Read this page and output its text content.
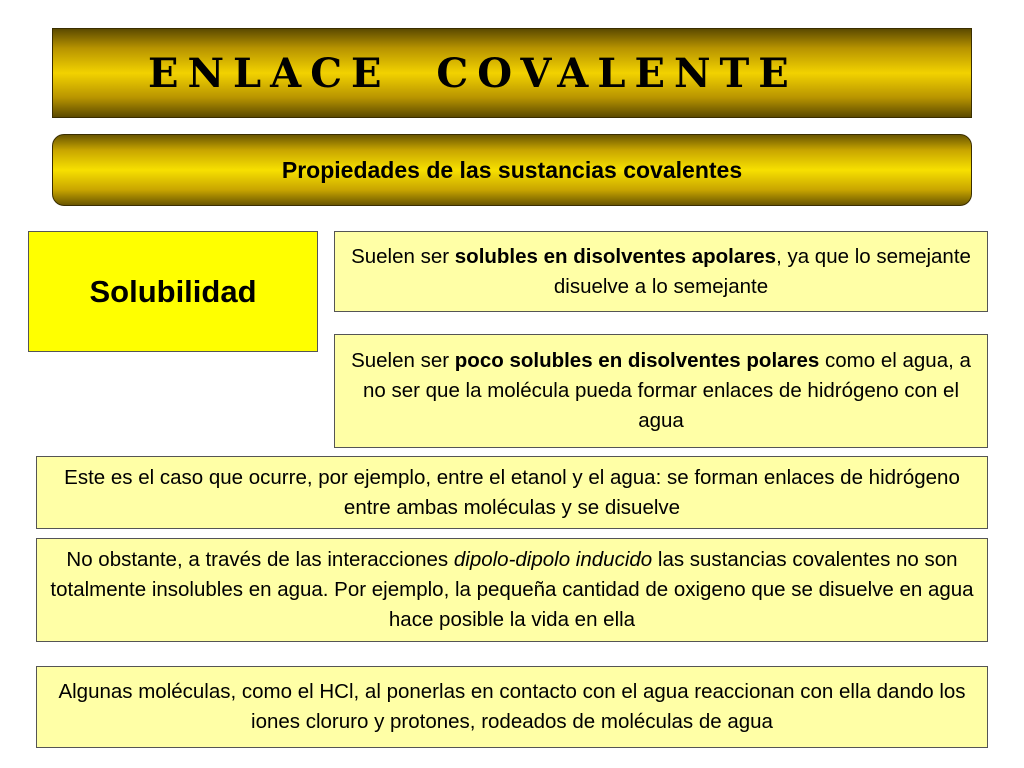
ENLACE  COVALENTE
Propiedades de las sustancias covalentes
Solubilidad

Suelen ser solubles en disolventes apolares, ya que lo semejante disuelve a lo semejante

Suelen ser poco solubles en disolventes polares como el agua, a no ser que la molécula pueda formar enlaces de hidrógeno con el agua

Este es el caso que ocurre, por ejemplo, entre el etanol y el agua: se forman enlaces de hidrógeno entre ambas moléculas y se disuelve

No obstante, a través de las interacciones dipolo-dipolo inducido las sustancias covalentes no son totalmente insolubles en agua. Por ejemplo, la pequeña cantidad de oxigeno que se disuelve en agua hace posible la vida en ella

Algunas moléculas, como el HCl, al ponerlas en contacto con el agua reaccionan con ella dando los iones cloruro y protones, rodeados de moléculas de agua
